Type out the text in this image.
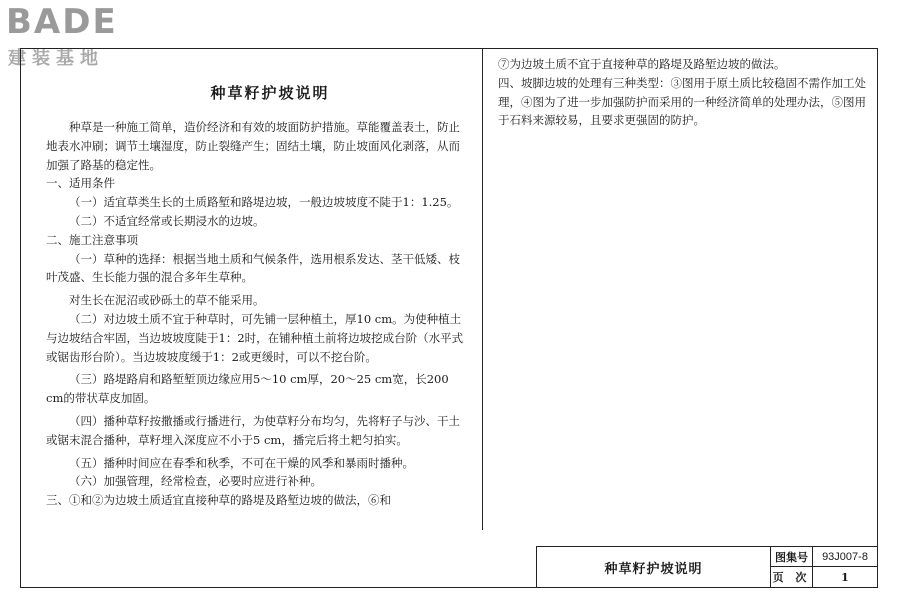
BADE
建装基地
种草籽护坡说明

种草是一种施工简单，造价经济和有效的坡面防护措施。草能覆盖表土，防止地表水冲刷；调节土壤湿度，防止裂缝产生；固结土壤，防止坡面风化剥落，从而加强了路基的稳定性。

一、适用条件

（一）适宜草类生长的土质路堑和路堤边坡，一般边坡坡度不陡于1：1.25。

（二）不适宜经常或长期浸水的边坡。

二、施工注意事项

（一）草种的选择：根据当地土质和气候条件，选用根系发达、茎干低矮、枝叶茂盛、生长能力强的混合多年生草种。

对生长在泥沼或砂砾土的草不能采用。

（二）对边坡土质不宜于种草时，可先铺一层种植土，厚10 cm。为使种植土与边坡结合牢固，当边坡坡度陡于1：2时，在铺种植土前将边坡挖成台阶（水平式或锯齿形台阶）。当边坡坡度缓于1：2或更缓时，可以不挖台阶。

（三）路堤路肩和路堑堑顶边缘应用5～10 cm厚，20～25 cm宽，长200 cm的带状草皮加固。

（四）播种草籽按撒播或行播进行，为使草籽分布均匀，先将籽子与沙、干土或锯末混合播种，草籽埋入深度应不小于5 cm，播完后将土耙匀拍实。

（五）播种时间应在春季和秋季，不可在干燥的风季和暴雨时播种。

（六）加强管理，经常检查，必要时应进行补种。

三、①和②为边坡土质适宜直接种草的路堤及路堑边坡的做法，⑥和

⑦为边坡土质不宜于直接种草的路堤及路堑边坡的做法。

四、坡脚边坡的处理有三种类型：③图用于原土质比较稳固不需作加工处理，④图为了进一步加强防护而采用的一种经济简单的处理办法，⑤图用于石料来源较易，且要求更强固的防护。

种草籽护坡说明
图集号	93J007-8
页 次	1
